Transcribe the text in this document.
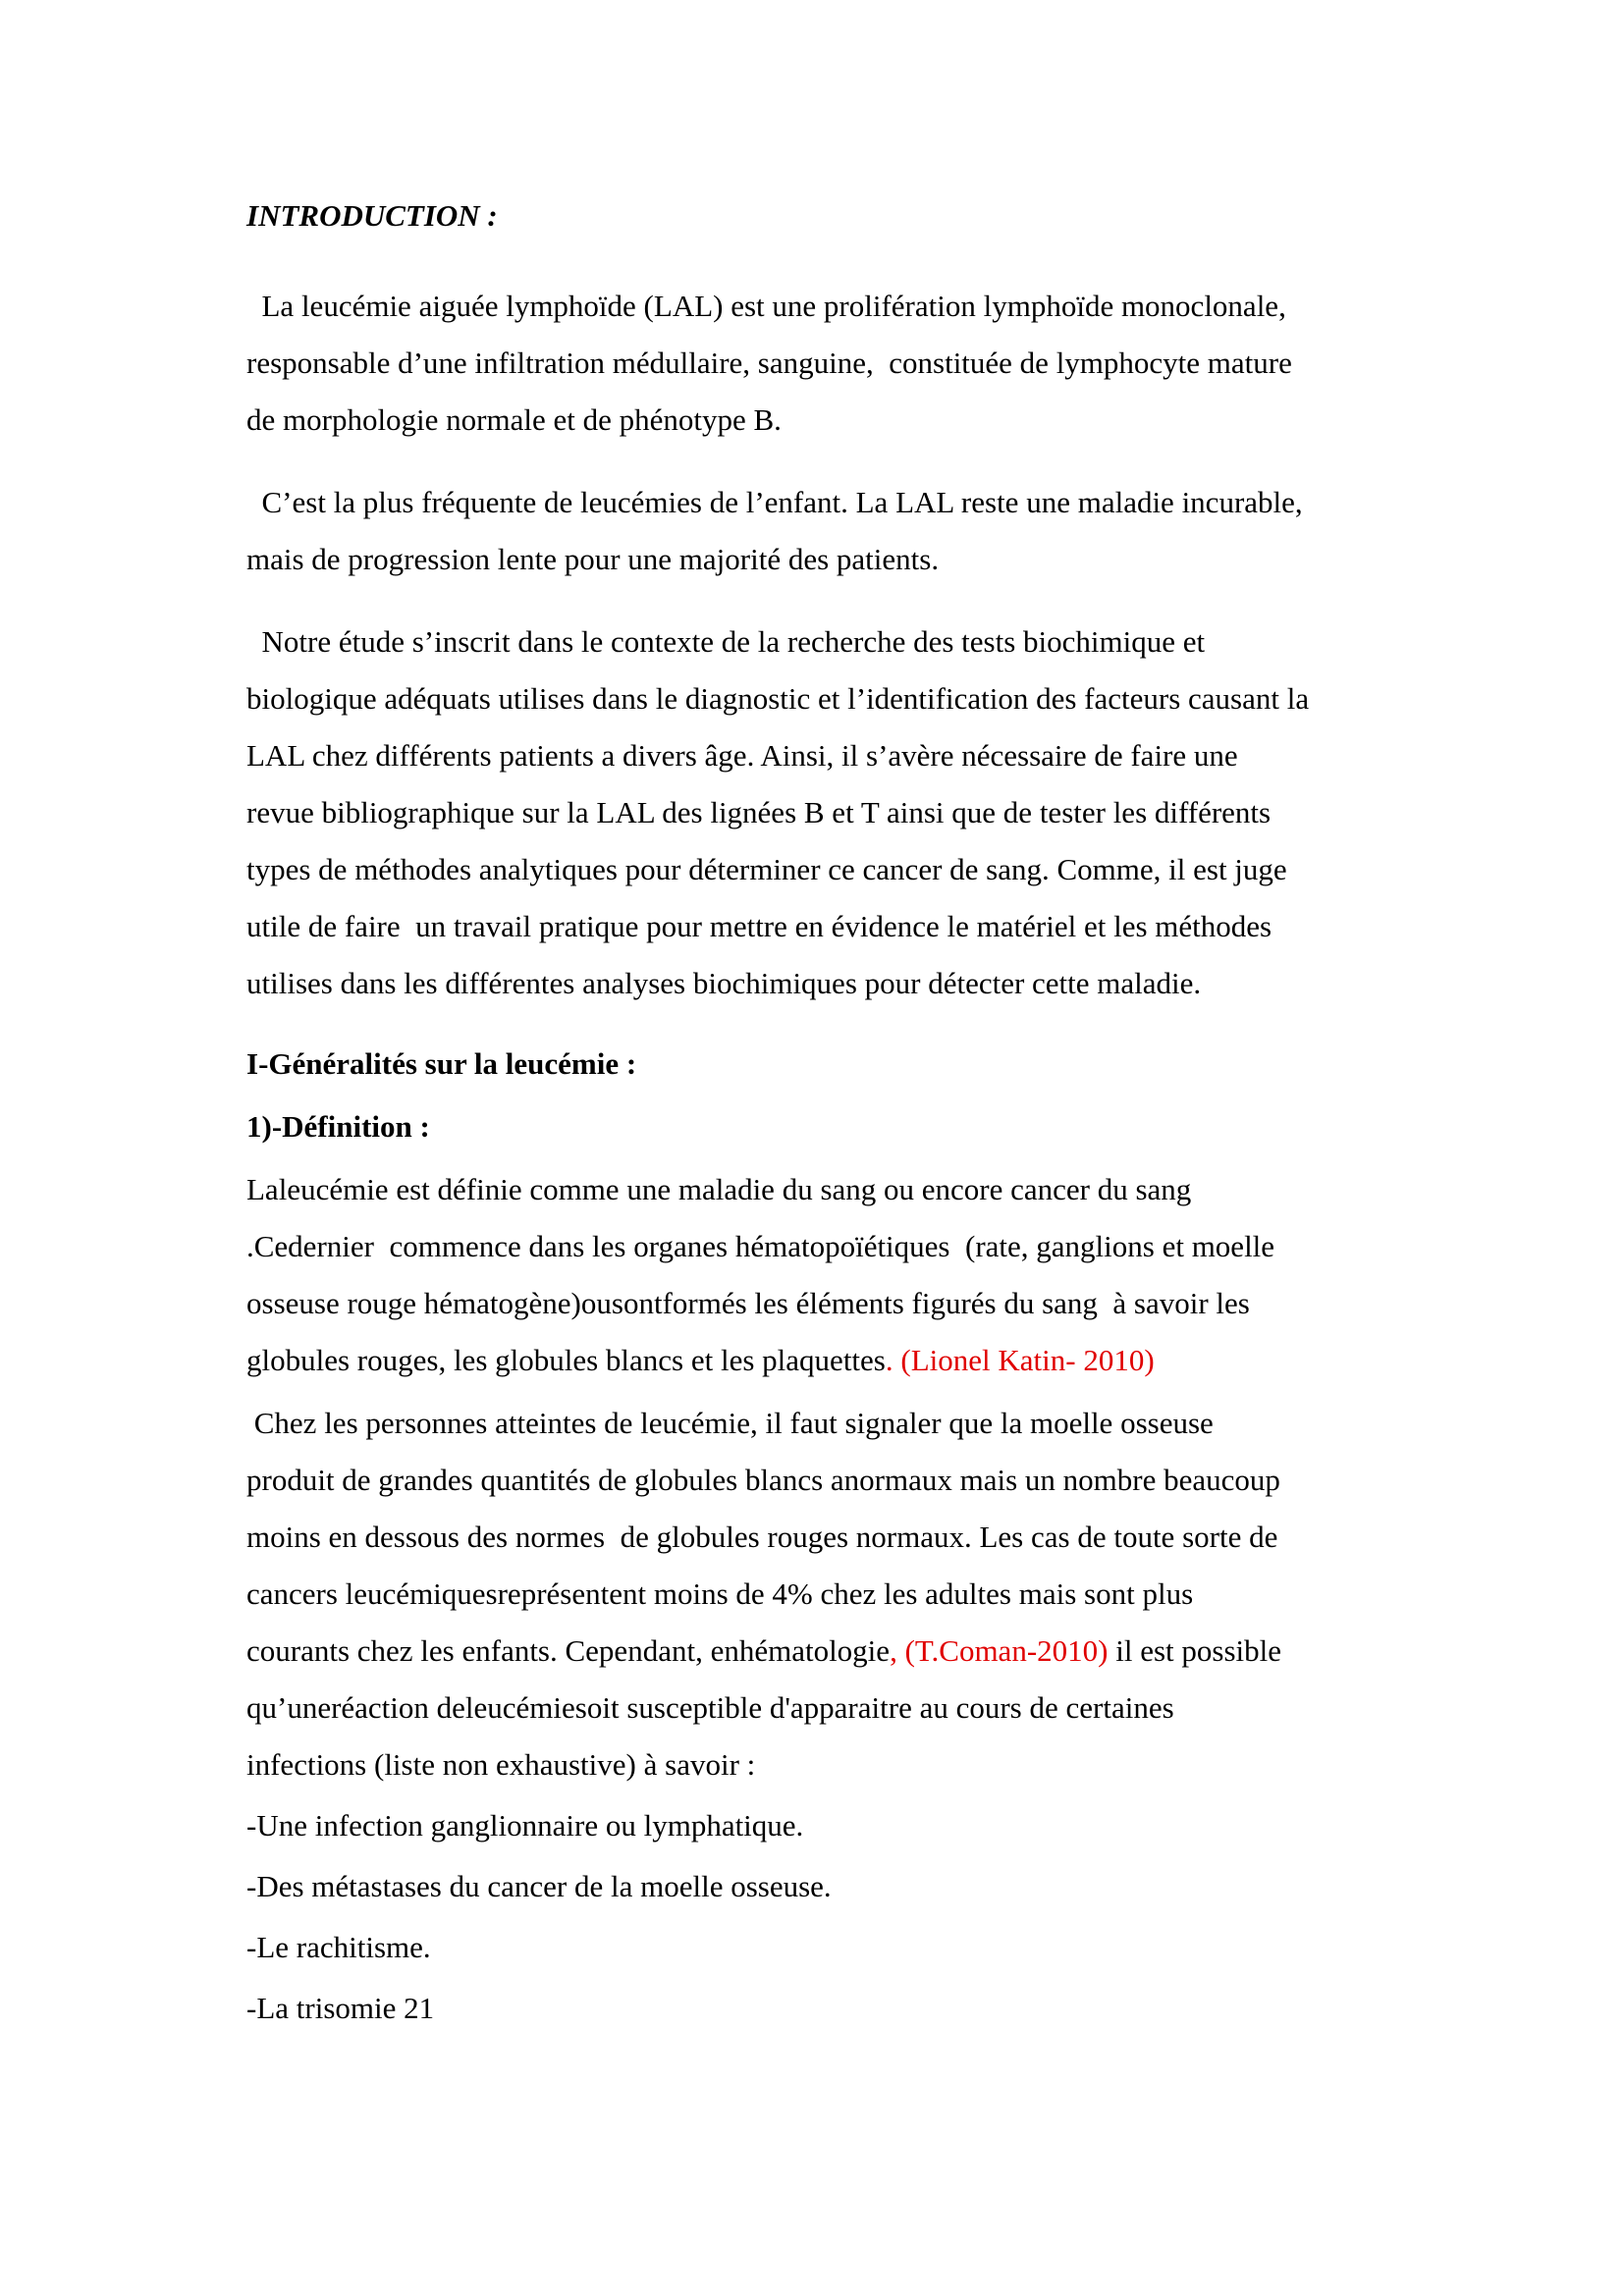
INTRODUCTION :
La leucémie aiguée lymphoïde (LAL) est une prolifération lymphoïde monoclonale,
responsable d’une infiltration médullaire, sanguine,  constituée de lymphocyte mature
de morphologie normale et de phénotype B.
C’est la plus fréquente de leucémies de l’enfant. La LAL reste une maladie incurable,
mais de progression lente pour une majorité des patients.
Notre étude s’inscrit dans le contexte de la recherche des tests biochimique et
biologique adéquats utilises dans le diagnostic et l’identification des facteurs causant la
LAL chez différents patients a divers âge. Ainsi, il s’avère nécessaire de faire une
revue bibliographique sur la LAL des lignées B et T ainsi que de tester les différents
types de méthodes analytiques pour déterminer ce cancer de sang. Comme, il est juge
utile de faire  un travail pratique pour mettre en évidence le matériel et les méthodes
utilises dans les différentes analyses biochimiques pour détecter cette maladie.
I-Généralités sur la leucémie :
1)-Définition :
Laleucémie est définie comme une maladie du sang ou encore cancer du sang
.Cedernier  commence dans les organes hématopoïétiques  (rate, ganglions et moelle
osseuse rouge hématogène)ousontformés les éléments figurés du sang  à savoir les
globules rouges, les globules blancs et les plaquettes. (Lionel Katin- 2010)
Chez les personnes atteintes de leucémie, il faut signaler que la moelle osseuse
produit de grandes quantités de globules blancs anormaux mais un nombre beaucoup
moins en dessous des normes  de globules rouges normaux. Les cas de toute sorte de
cancers leucémiquesreprésentent moins de 4% chez les adultes mais sont plus
courants chez les enfants. Cependant, enhématologie, (T.Coman-2010) il est possible
qu’uneréaction deleucémiesoit susceptible d'apparaitre au cours de certaines
infections (liste non exhaustive) à savoir :
-Une infection ganglionnaire ou lymphatique.
-Des métastases du cancer de la moelle osseuse.
-Le rachitisme.
-La trisomie 21
